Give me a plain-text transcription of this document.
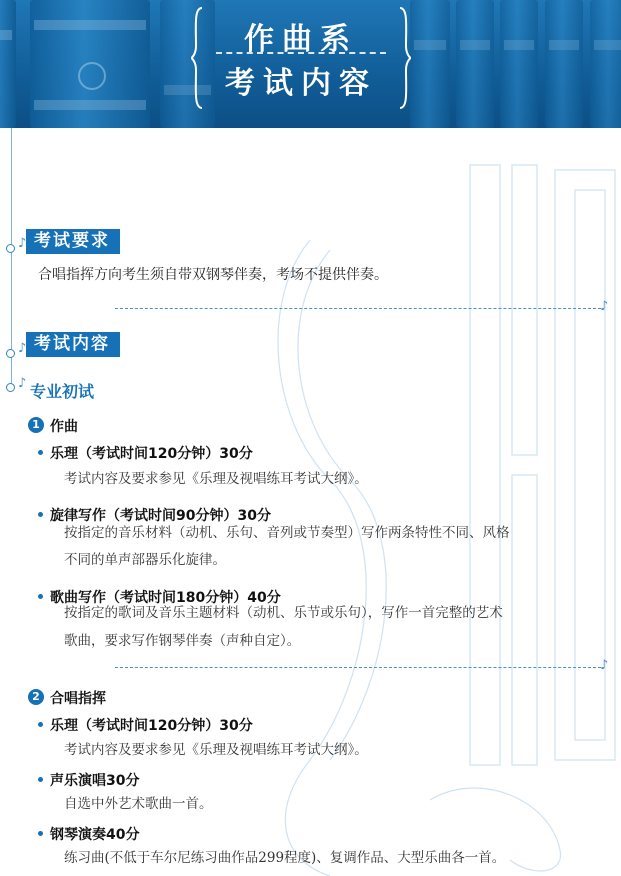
作曲系
考试内容
♪ 考试要求
合唱指挥方向考生须自带双钢琴伴奏，考场不提供伴奏。
♪
♪ 考试内容
♪ 专业初试
1 作曲
乐理（考试时间120分钟）30分
考试内容及要求参见《乐理及视唱练耳考试大纲》。
旋律写作（考试时间90分钟）30分
按指定的音乐材料（动机、乐句、音列或节奏型）写作两条特性不同、风格
不同的单声部器乐化旋律。
歌曲写作（考试时间180分钟）40分
按指定的歌词及音乐主题材料（动机、乐节或乐句），写作一首完整的艺术
歌曲，要求写作钢琴伴奏（声种自定）。
♪
2 合唱指挥
乐理（考试时间120分钟）30分
考试内容及要求参见《乐理及视唱练耳考试大纲》。
声乐演唱30分
自选中外艺术歌曲一首。
钢琴演奏40分
练习曲(不低于车尔尼练习曲作品299程度)、复调作品、大型乐曲各一首。
